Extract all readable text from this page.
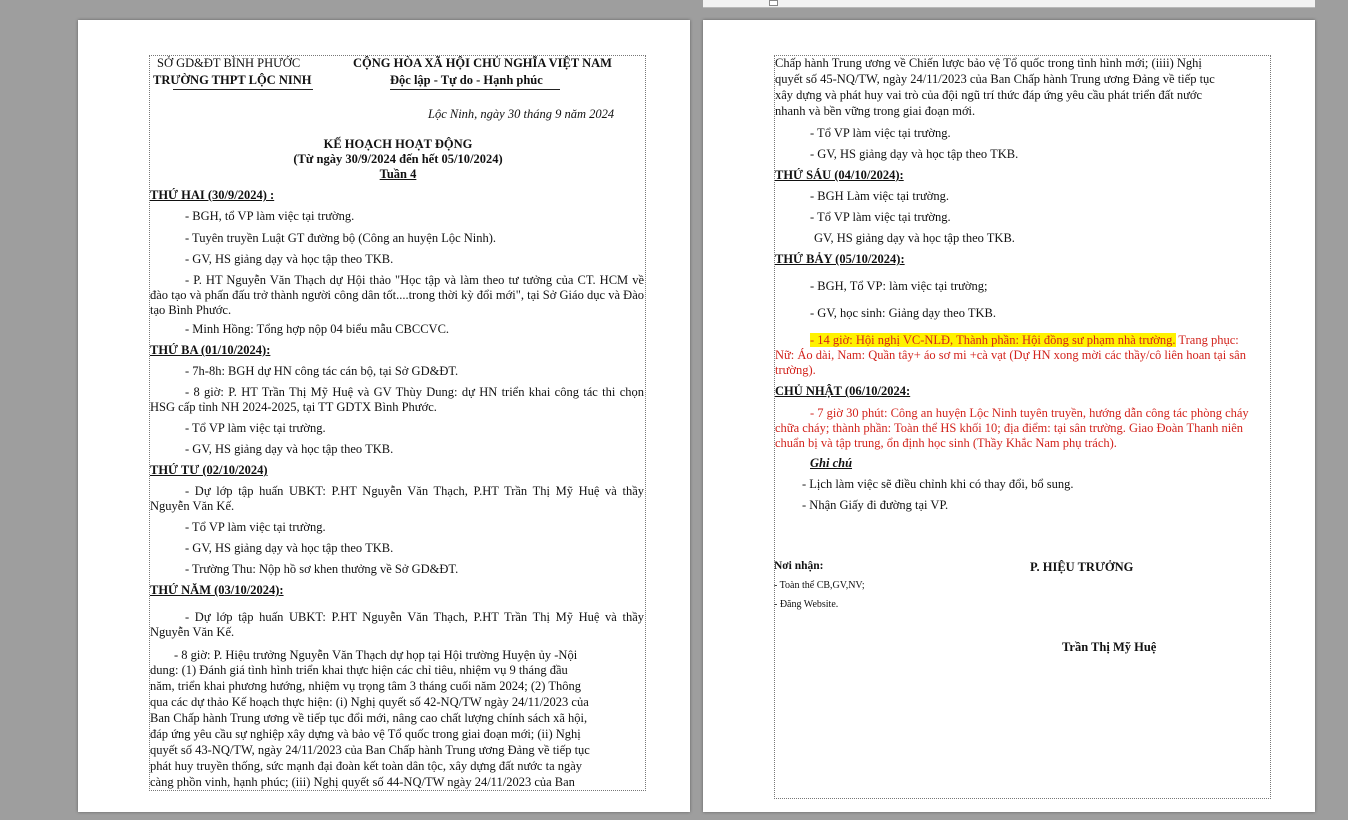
SỞ GD&ĐT BÌNH PHƯỚC
TRƯỜNG THPT LỘC NINH
CỘNG HÒA XÃ HỘI CHỦ NGHĨA VIỆT NAM
Độc lập - Tự do - Hạnh phúc
Lộc Ninh, ngày 30 tháng 9 năm 2024
KẾ HOẠCH HOẠT ĐỘNG
(Từ ngày 30/9/2024 đến hết 05/10/2024)
Tuần 4
THỨ HAI (30/9/2024) :
- BGH, tổ VP làm việc tại trường.
- Tuyên truyền Luật GT đường bộ (Công an huyện Lộc Ninh).
- GV, HS giảng dạy và học tập theo TKB.
- P. HT Nguyễn Văn Thạch dự Hội thảo "Học tập và làm theo tư tưởng của CT. HCM về đào tạo và phấn đấu trở thành người công dân tốt....trong thời kỳ đổi mới", tại Sở Giáo dục và Đào tạo Bình Phước.
- Minh Hồng: Tổng hợp nộp 04 biểu mẫu CBCCVC.
THỨ BA (01/10/2024):
- 7h-8h: BGH dự HN công tác cán bộ, tại Sở GD&ĐT.
- 8 giờ: P. HT Trần Thị Mỹ Huệ và GV Thùy Dung: dự HN triển khai công tác thi chọn HSG cấp tỉnh NH 2024-2025, tại TT GDTX Bình Phước.
- Tổ VP làm việc tại trường.
- GV, HS giảng dạy và học tập theo TKB.
THỨ TƯ (02/10/2024)
- Dự lớp tập huấn UBKT: P.HT Nguyễn Văn Thạch, P.HT Trần Thị Mỹ Huệ và thầy Nguyễn Văn Kế.
- Tổ VP làm việc tại trường.
- GV, HS giảng dạy và học tập theo TKB.
- Trường Thu: Nộp hồ sơ khen thưởng về Sở GD&ĐT.
THỨ NĂM (03/10/2024):
- Dự lớp tập huấn UBKT: P.HT Nguyễn Văn Thạch, P.HT Trần Thị Mỹ Huệ và thầy Nguyễn Văn Kế.
- 8 giờ: P. Hiệu trưởng Nguyễn Văn Thạch dự họp tại Hội trường Huyện ủy -Nội
dung: (1) Đánh giá tình hình triển khai thực hiện các chỉ tiêu, nhiệm vụ 9 tháng đầu
năm, triển khai phương hướng, nhiệm vụ trọng tâm 3 tháng cuối năm 2024; (2) Thông
qua các dự thảo Kế hoạch thực hiện: (i) Nghị quyết số 42-NQ/TW ngày 24/11/2023 của
Ban Chấp hành Trung ương về tiếp tục đổi mới, nâng cao chất lượng chính sách xã hội,
đáp ứng yêu cầu sự nghiệp xây dựng và bảo vệ Tổ quốc trong giai đoạn mới; (ii) Nghị
quyết số 43-NQ/TW, ngày 24/11/2023 của Ban Chấp hành Trung ương Đảng về tiếp tục
phát huy truyền thống, sức mạnh đại đoàn kết toàn dân tộc, xây dựng đất nước ta ngày
càng phồn vinh, hạnh phúc; (iii) Nghị quyết số 44-NQ/TW ngày 24/11/2023 của Ban
Chấp hành Trung ương về Chiến lược bảo vệ Tổ quốc trong tình hình mới; (iiii) Nghị
quyết số 45-NQ/TW, ngày 24/11/2023 của Ban Chấp hành Trung ương Đảng về tiếp tục
xây dựng và phát huy vai trò của đội ngũ trí thức đáp ứng yêu cầu phát triển đất nước
nhanh và bền vững trong giai đoạn mới.
- Tổ VP làm việc tại trường.
- GV, HS giảng dạy và học tập theo TKB.
THỨ SÁU (04/10/2024):
- BGH Làm việc tại trường.
- Tổ VP làm việc tại trường.
GV, HS giảng dạy và học tập theo TKB.
THỨ BẢY (05/10/2024):
- BGH, Tổ VP: làm việc tại trường;
- GV, học sinh: Giảng dạy theo TKB.
- 14 giờ: Hội nghị VC-NLĐ, Thành phần: Hội đồng sư phạm nhà trường. Trang phục:
Nữ: Áo dài, Nam: Quần tây+ áo sơ mi +cà vạt (Dự HN xong mời các thầy/cô liên hoan tại sân
trường).
CHỦ NHẬT (06/10/2024:
- 7 giờ 30 phút: Công an huyện Lộc Ninh tuyên truyền, hướng dẫn công tác phòng cháy
chữa cháy; thành phần: Toàn thể HS khối 10; địa điểm: tại sân trường. Giao Đoàn Thanh niên
chuẩn bị và tập trung, ổn định học sinh (Thầy Khắc Nam phụ trách).
Ghi chú
- Lịch làm việc sẽ điều chỉnh khi có thay đổi, bổ sung.
- Nhận Giấy đi đường tại VP.
Nơi nhận:
- Toàn thể CB,GV,NV;
- Đăng Website.
P. HIỆU TRƯỞNG
Trần Thị Mỹ Huệ
